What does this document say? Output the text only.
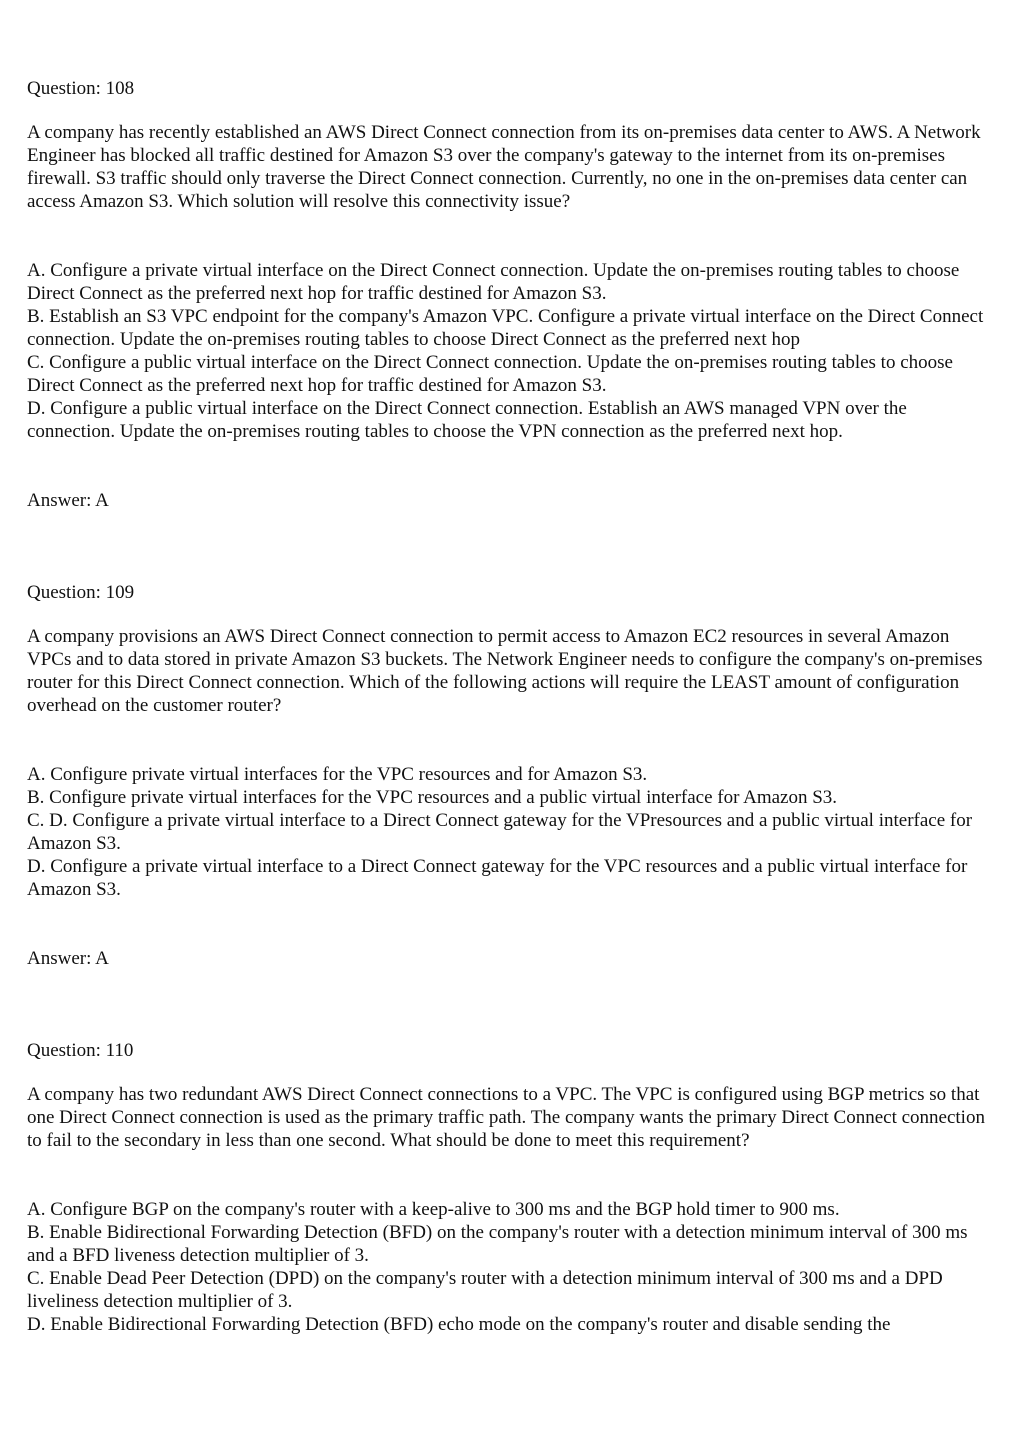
Question: 108

A company has recently established an AWS Direct Connect connection from its on-premises data center to AWS. A Network Engineer has blocked all traffic destined for Amazon S3 over the company's gateway to the internet from its on-premises firewall. S3 traffic should only traverse the Direct Connect connection. Currently, no one in the on-premises data center can access Amazon S3. Which solution will resolve this connectivity issue?

A. Configure a private virtual interface on the Direct Connect connection. Update the on-premises routing tables to choose Direct Connect as the preferred next hop for traffic destined for Amazon S3.

B. Establish an S3 VPC endpoint for the company's Amazon VPC. Configure a private virtual interface on the Direct Connect connection. Update the on-premises routing tables to choose Direct Connect as the preferred next hop

C. Configure a public virtual interface on the Direct Connect connection. Update the on-premises routing tables to choose Direct Connect as the preferred next hop for traffic destined for Amazon S3.

D. Configure a public virtual interface on the Direct Connect connection. Establish an AWS managed VPN over the connection. Update the on-premises routing tables to choose the VPN connection as the preferred next hop.

Answer: A

Question: 109

A company provisions an AWS Direct Connect connection to permit access to Amazon EC2 resources in several Amazon VPCs and to data stored in private Amazon S3 buckets. The Network Engineer needs to configure the company's on-premises router for this Direct Connect connection. Which of the following actions will require the LEAST amount of configuration overhead on the customer router?

A. Configure private virtual interfaces for the VPC resources and for Amazon S3.

B. Configure private virtual interfaces for the VPC resources and a public virtual interface for Amazon S3.

C. D. Configure a private virtual interface to a Direct Connect gateway for the VPresources and a public virtual interface for Amazon S3.

D. Configure a private virtual interface to a Direct Connect gateway for the VPC resources and a public virtual interface for Amazon S3.

Answer: A

Question: 110

A company has two redundant AWS Direct Connect connections to a VPC. The VPC is configured using BGP metrics so that one Direct Connect connection is used as the primary traffic path. The company wants the primary Direct Connect connection to fail to the secondary in less than one second. What should be done to meet this requirement?

A. Configure BGP on the company's router with a keep-alive to 300 ms and the BGP hold timer to 900 ms.

B. Enable Bidirectional Forwarding Detection (BFD) on the company's router with a detection minimum interval of 300 ms and a BFD liveness detection multiplier of 3.

C. Enable Dead Peer Detection (DPD) on the company's router with a detection minimum interval of 300 ms and a DPD liveliness detection multiplier of 3.

D. Enable Bidirectional Forwarding Detection (BFD) echo mode on the company's router and disable sending the
